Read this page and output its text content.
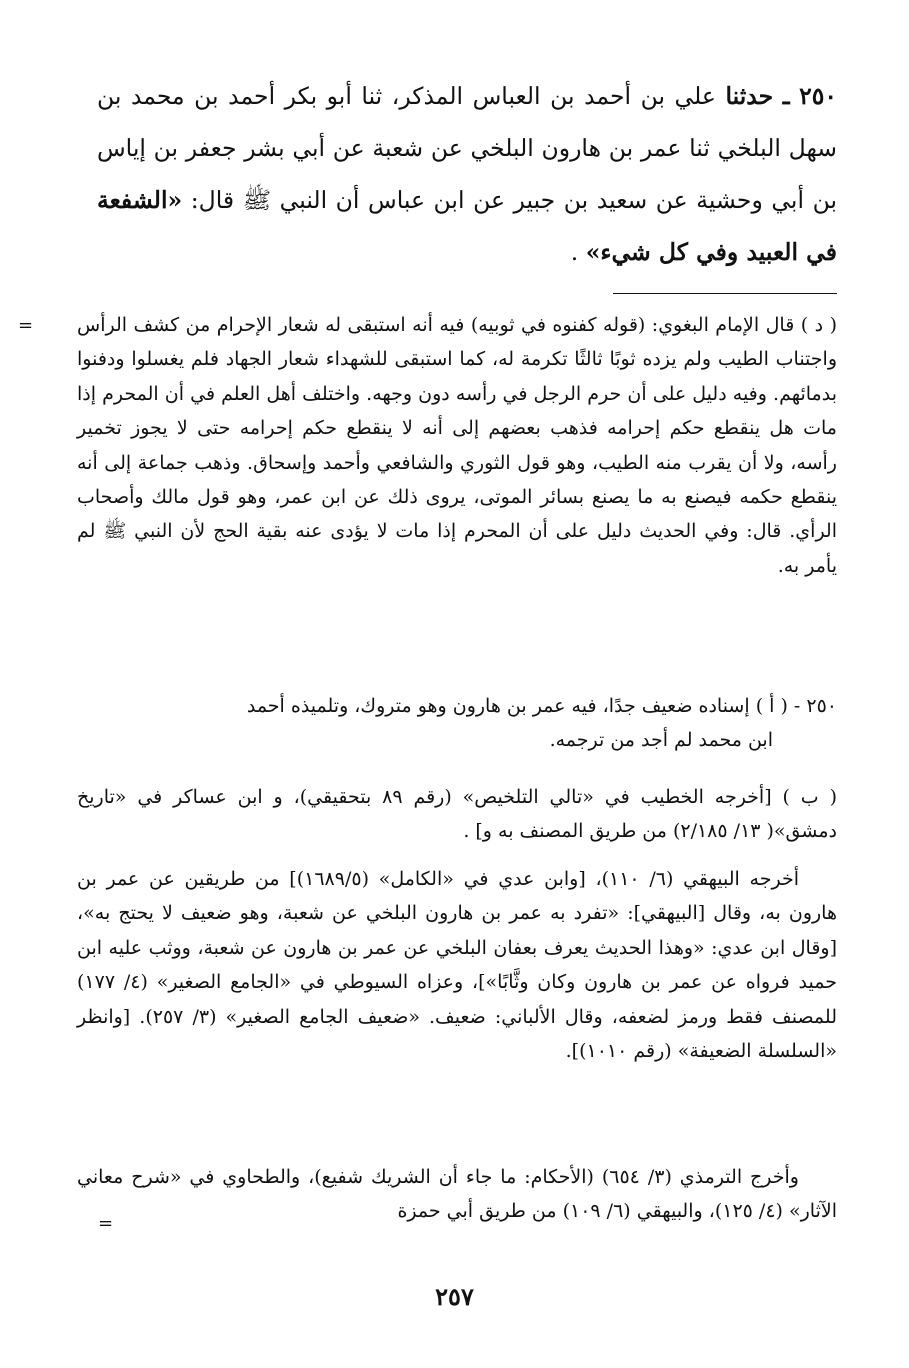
٢٥٠ ـ حدثنا علي بن أحمد بن العباس المذكر، ثنا أبو بكر أحمد بن محمد بن سهل البلخي ثنا عمر بن هارون البلخي عن شعبة عن أبي بشر جعفر بن إياس بن أبي وحشية عن سعيد بن جبير عن ابن عباس أن النبي ﷺ قال: «الشفعة في العبيد وفي كل شيء» .
= ( د ) قال الإمام البغوي: (قوله كفنوه في ثوبيه) فيه أنه استبقى له شعار الإحرام من كشف الرأس واجتناب الطيب ولم يزده ثوبًا ثالثًا تكرمة له، كما استبقى للشهداء شعار الجهاد فلم يغسلوا ودفنوا بدمائهم. وفيه دليل على أن حرم الرجل في رأسه دون وجهه. واختلف أهل العلم في أن المحرم إذا مات هل ينقطع حكم إحرامه فذهب بعضهم إلى أنه لا ينقطع حكم إحرامه حتى لا يجوز تخمير رأسه، ولا أن يقرب منه الطيب، وهو قول الثوري والشافعي وأحمد وإسحاق. وذهب جماعة إلى أنه ينقطع حكمه فيصنع به ما يصنع بسائر الموتى، يروى ذلك عن ابن عمر، وهو قول مالك وأصحاب الرأي. قال: وفي الحديث دليل على أن المحرم إذا مات لا يؤدى عنه بقية الحج لأن النبي ﷺ لم يأمر به.

٢٥٠ - ( أ ) إسناده ضعيف جدًا، فيه عمر بن هارون وهو متروك، وتلميذه أحمد

ابن محمد لم أجد من ترجمه.

( ب ) [أخرجه الخطيب في «تالي التلخيص» (رقم ٨٩ بتحقيقي)، و ابن عساكر في «تاريخ دمشق»( ١٣/ ٢/١٨٥) من طريق المصنف به و] .

أخرجه البيهقي (٦/ ١١٠)، [وابن عدي في «الكامل» (١٦٨٩/٥)] من طريقين عن عمر بن هارون به، وقال [البيهقي]: «تفرد به عمر بن هارون البلخي عن شعبة، وهو ضعيف لا يحتج به»، [وقال ابن عدي: «وهذا الحديث يعرف بعفان البلخي عن عمر بن هارون عن شعبة، ووثب عليه ابن حميد فرواه عن عمر بن هارون وكان وثَّابًا»]، وعزاه السيوطي في «الجامع الصغير» (٤/ ١٧٧) للمصنف فقط ورمز لضعفه، وقال الألباني: ضعيف. «ضعيف الجامع الصغير» (٣/ ٢٥٧). [وانظر «السلسلة الضعيفة» (رقم ١٠١٠)].

وأخرج الترمذي (٣/ ٦٥٤) (الأحكام: ما جاء أن الشريك شفيع)، والطحاوي في «شرح معاني الآثار» (٤/ ١٢٥)، والبيهقي (٦/ ١٠٩) من طريق أبي حمزة

=
٢٥٧
